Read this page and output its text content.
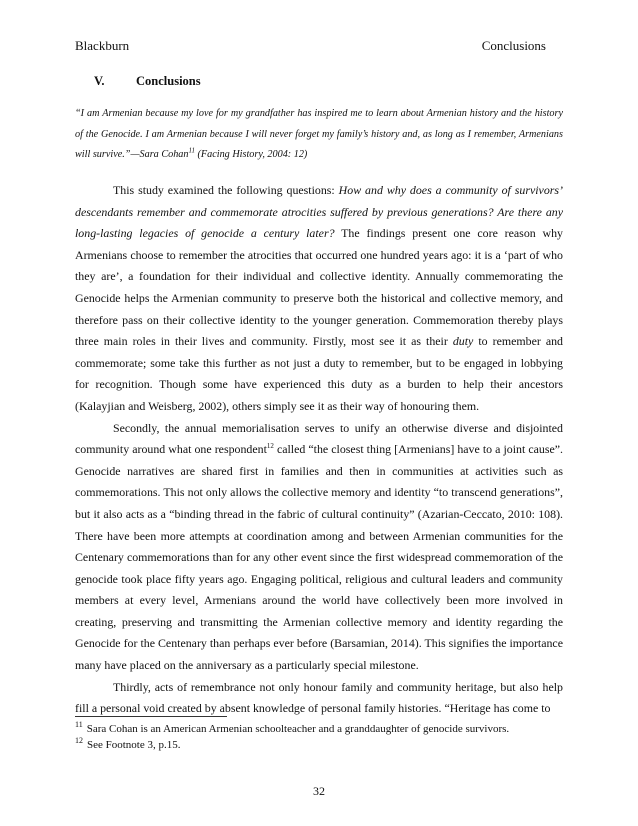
Blackburn	Conclusions
V.	Conclusions
“I am Armenian because my love for my grandfather has inspired me to learn about Armenian history and the history of the Genocide. I am Armenian because I will never forget my family’s history and, as long as I remember, Armenians will survive.”—Sara Cohan$^{11}$ (Facing History, 2004: 12)

This study examined the following questions: How and why does a community of survivors’ descendants remember and commemorate atrocities suffered by previous generations? Are there any long-lasting legacies of genocide a century later? The findings present one core reason why Armenians choose to remember the atrocities that occurred one hundred years ago: it is a ‘part of who they are’, a foundation for their individual and collective identity. Annually commemorating the Genocide helps the Armenian community to preserve both the historical and collective memory, and therefore pass on their collective identity to the younger generation. Commemoration thereby plays three main roles in their lives and community. Firstly, most see it as their duty to remember and commemorate; some take this further as not just a duty to remember, but to be engaged in lobbying for recognition. Though some have experienced this duty as a burden to help their ancestors (Kalayjian and Weisberg, 2002), others simply see it as their way of honouring them.

Secondly, the annual memorialisation serves to unify an otherwise diverse and disjointed community around what one respondent$^{12}$ called “the closest thing [Armenians] have to a joint cause”. Genocide narratives are shared first in families and then in communities at activities such as commemorations. This not only allows the collective memory and identity “to transcend generations”, but it also acts as a “binding thread in the fabric of cultural continuity” (Azarian-Ceccato, 2010: 108). There have been more attempts at coordination among and between Armenian communities for the Centenary commemorations than for any other event since the first widespread commemoration of the genocide took place fifty years ago. Engaging political, religious and cultural leaders and community members at every level, Armenians around the world have collectively been more involved in creating, preserving and transmitting the Armenian collective memory and identity regarding the Genocide for the Centenary than perhaps ever before (Barsamian, 2014). This signifies the importance many have placed on the anniversary as a particularly special milestone.

Thirdly, acts of remembrance not only honour family and community heritage, but also help fill a personal void created by absent knowledge of personal family histories. “Heritage has come to

$^{11}$ Sara Cohan is an American Armenian schoolteacher and a granddaughter of genocide survivors.
$^{12}$ See Footnote 3, p.15.
32
